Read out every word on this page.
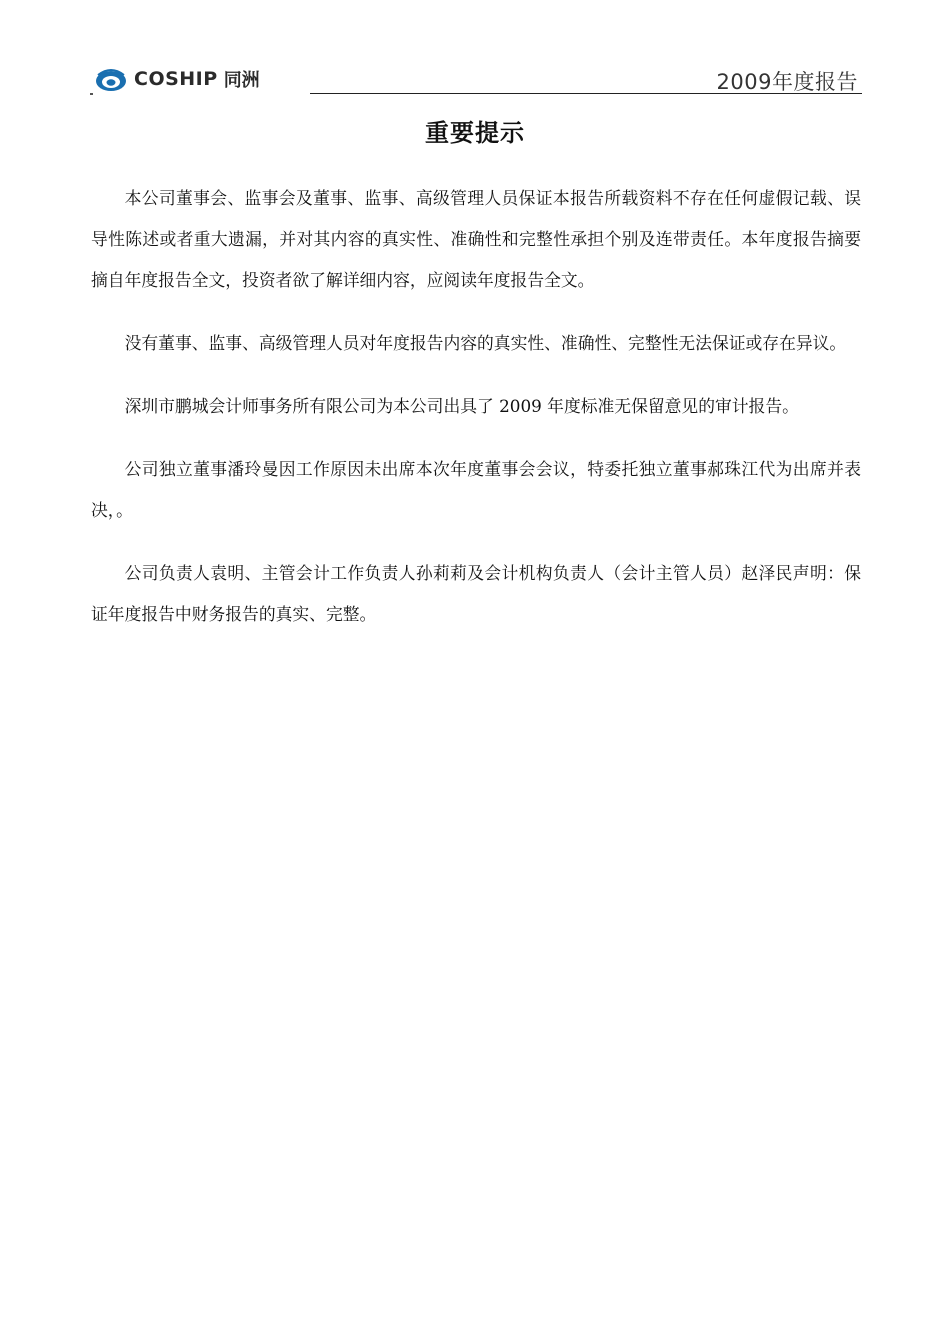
COSHIP 同洲	2009年度报告
重要提示

本公司董事会、监事会及董事、监事、高级管理人员保证本报告所载资料不存在任何虚假记载、误导性陈述或者重大遗漏，并对其内容的真实性、准确性和完整性承担个别及连带责任。本年度报告摘要摘自年度报告全文，投资者欲了解详细内容，应阅读年度报告全文。

没有董事、监事、高级管理人员对年度报告内容的真实性、准确性、完整性无法保证或存在异议。

深圳市鹏城会计师事务所有限公司为本公司出具了 2009 年度标准无保留意见的审计报告。

公司独立董事潘玲曼因工作原因未出席本次年度董事会会议，特委托独立董事郝珠江代为出席并表决，。

公司负责人袁明、主管会计工作负责人孙莉莉及会计机构负责人（会计主管人员）赵泽民声明：保证年度报告中财务报告的真实、完整。
